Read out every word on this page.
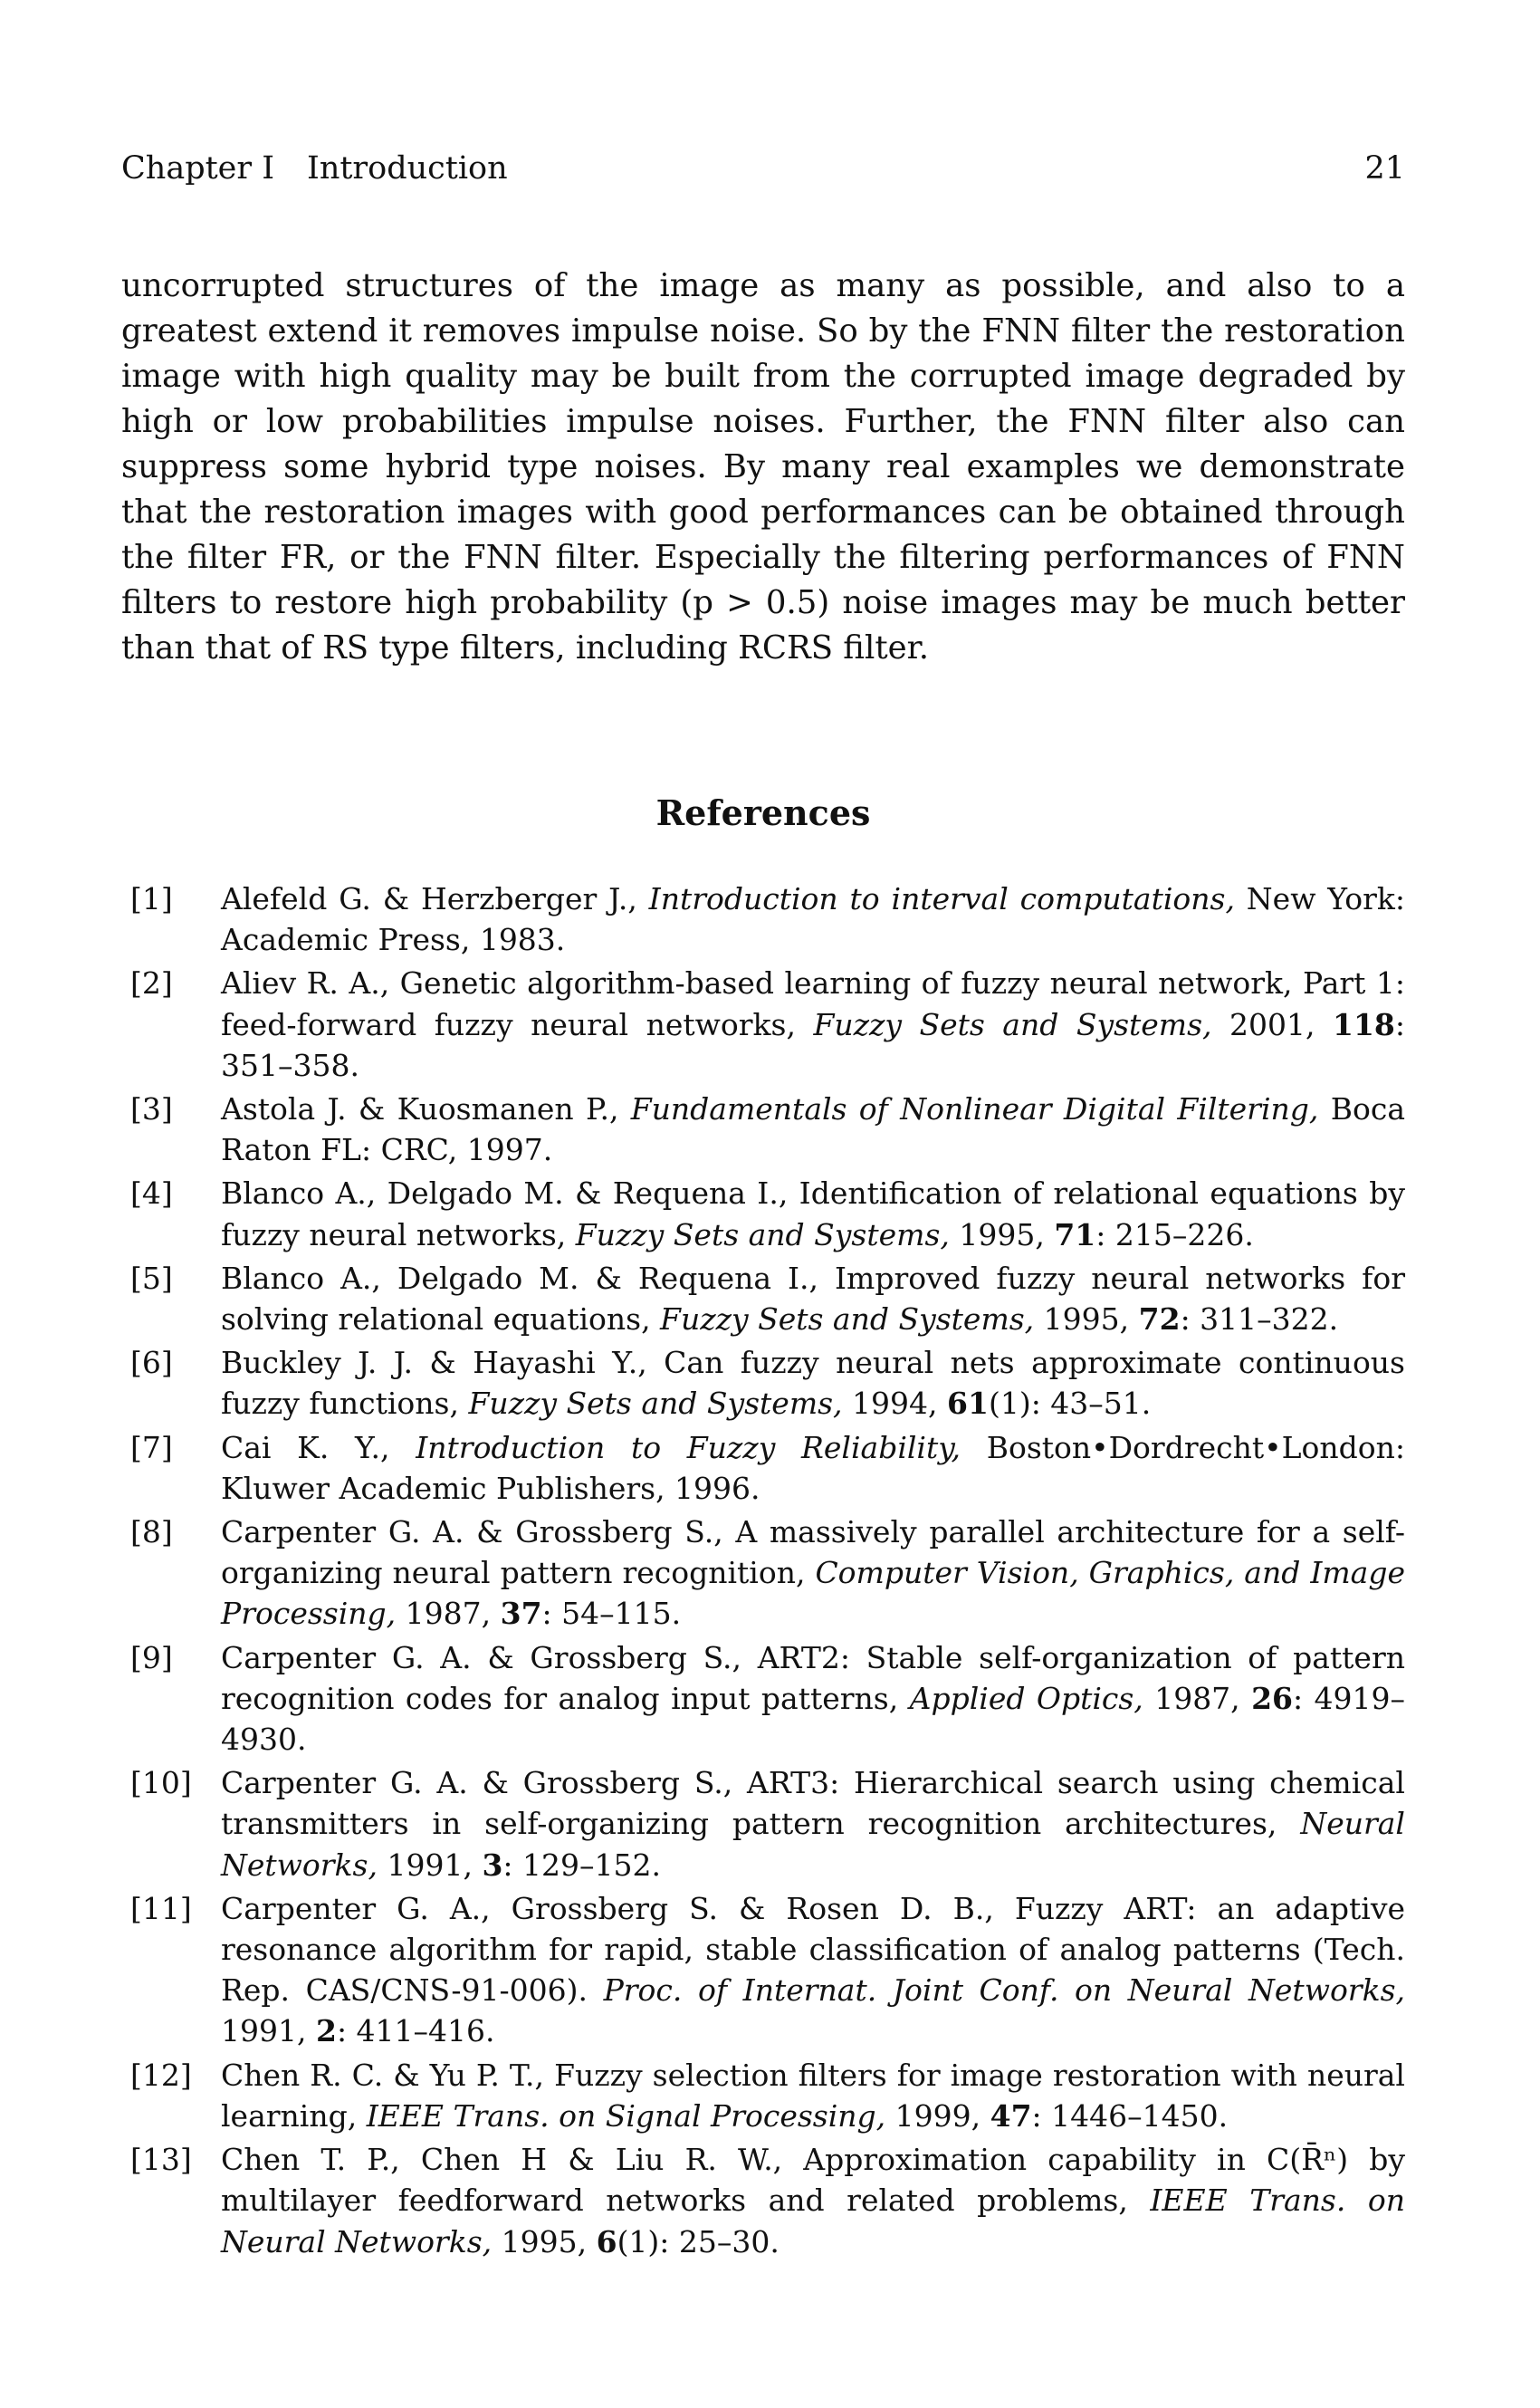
Chapter I Introduction	21

uncorrupted structures of the image as many as possible, and also to a greatest extend it removes impulse noise. So by the FNN filter the restoration image with high quality may be built from the corrupted image degraded by high or low probabilities impulse noises. Further, the FNN filter also can suppress some hybrid type noises. By many real examples we demonstrate that the restoration images with good performances can be obtained through the filter FR, or the FNN filter. Especially the filtering performances of FNN filters to restore high probability (p > 0.5) noise images may be much better than that of RS type filters, including RCRS filter.

References
[1]	Alefeld G. & Herzberger J., Introduction to interval computations, New York: Academic Press, 1983.
[2]	Aliev R. A., Genetic algorithm-based learning of fuzzy neural network, Part 1: feed-forward fuzzy neural networks, Fuzzy Sets and Systems, 2001, 118: 351–358.
[3]	Astola J. & Kuosmanen P., Fundamentals of Nonlinear Digital Filtering, Boca Raton FL: CRC, 1997.
[4]	Blanco A., Delgado M. & Requena I., Identification of relational equations by fuzzy neural networks, Fuzzy Sets and Systems, 1995, 71: 215–226.
[5]	Blanco A., Delgado M. & Requena I., Improved fuzzy neural networks for solving relational equations, Fuzzy Sets and Systems, 1995, 72: 311–322.
[6]	Buckley J. J. & Hayashi Y., Can fuzzy neural nets approximate continuous fuzzy functions, Fuzzy Sets and Systems, 1994, 61(1): 43–51.
[7]	Cai K. Y., Introduction to Fuzzy Reliability, Boston•Dordrecht•London: Kluwer Academic Publishers, 1996.
[8]	Carpenter G. A. & Grossberg S., A massively parallel architecture for a self-organizing neural pattern recognition, Computer Vision, Graphics, and Image Processing, 1987, 37: 54–115.
[9]	Carpenter G. A. & Grossberg S., ART2: Stable self-organization of pattern recognition codes for analog input patterns, Applied Optics, 1987, 26: 4919–4930.
[10] Carpenter G. A. & Grossberg S., ART3: Hierarchical search using chemical transmitters in self-organizing pattern recognition architectures, Neural Networks, 1991, 3: 129–152.
[11] Carpenter G. A., Grossberg S. & Rosen D. B., Fuzzy ART: an adaptive resonance algorithm for rapid, stable classification of analog patterns (Tech. Rep. CAS/CNS-91-006). Proc. of Internat. Joint Conf. on Neural Networks, 1991, 2: 411–416.
[12] Chen R. C. & Yu P. T., Fuzzy selection filters for image restoration with neural learning, IEEE Trans. on Signal Processing, 1999, 47: 1446–1450.
[13] Chen T. P., Chen H & Liu R. W., Approximation capability in C(R̄ⁿ) by multilayer feedforward networks and related problems, IEEE Trans. on Neural Networks, 1995, 6(1): 25–30.
